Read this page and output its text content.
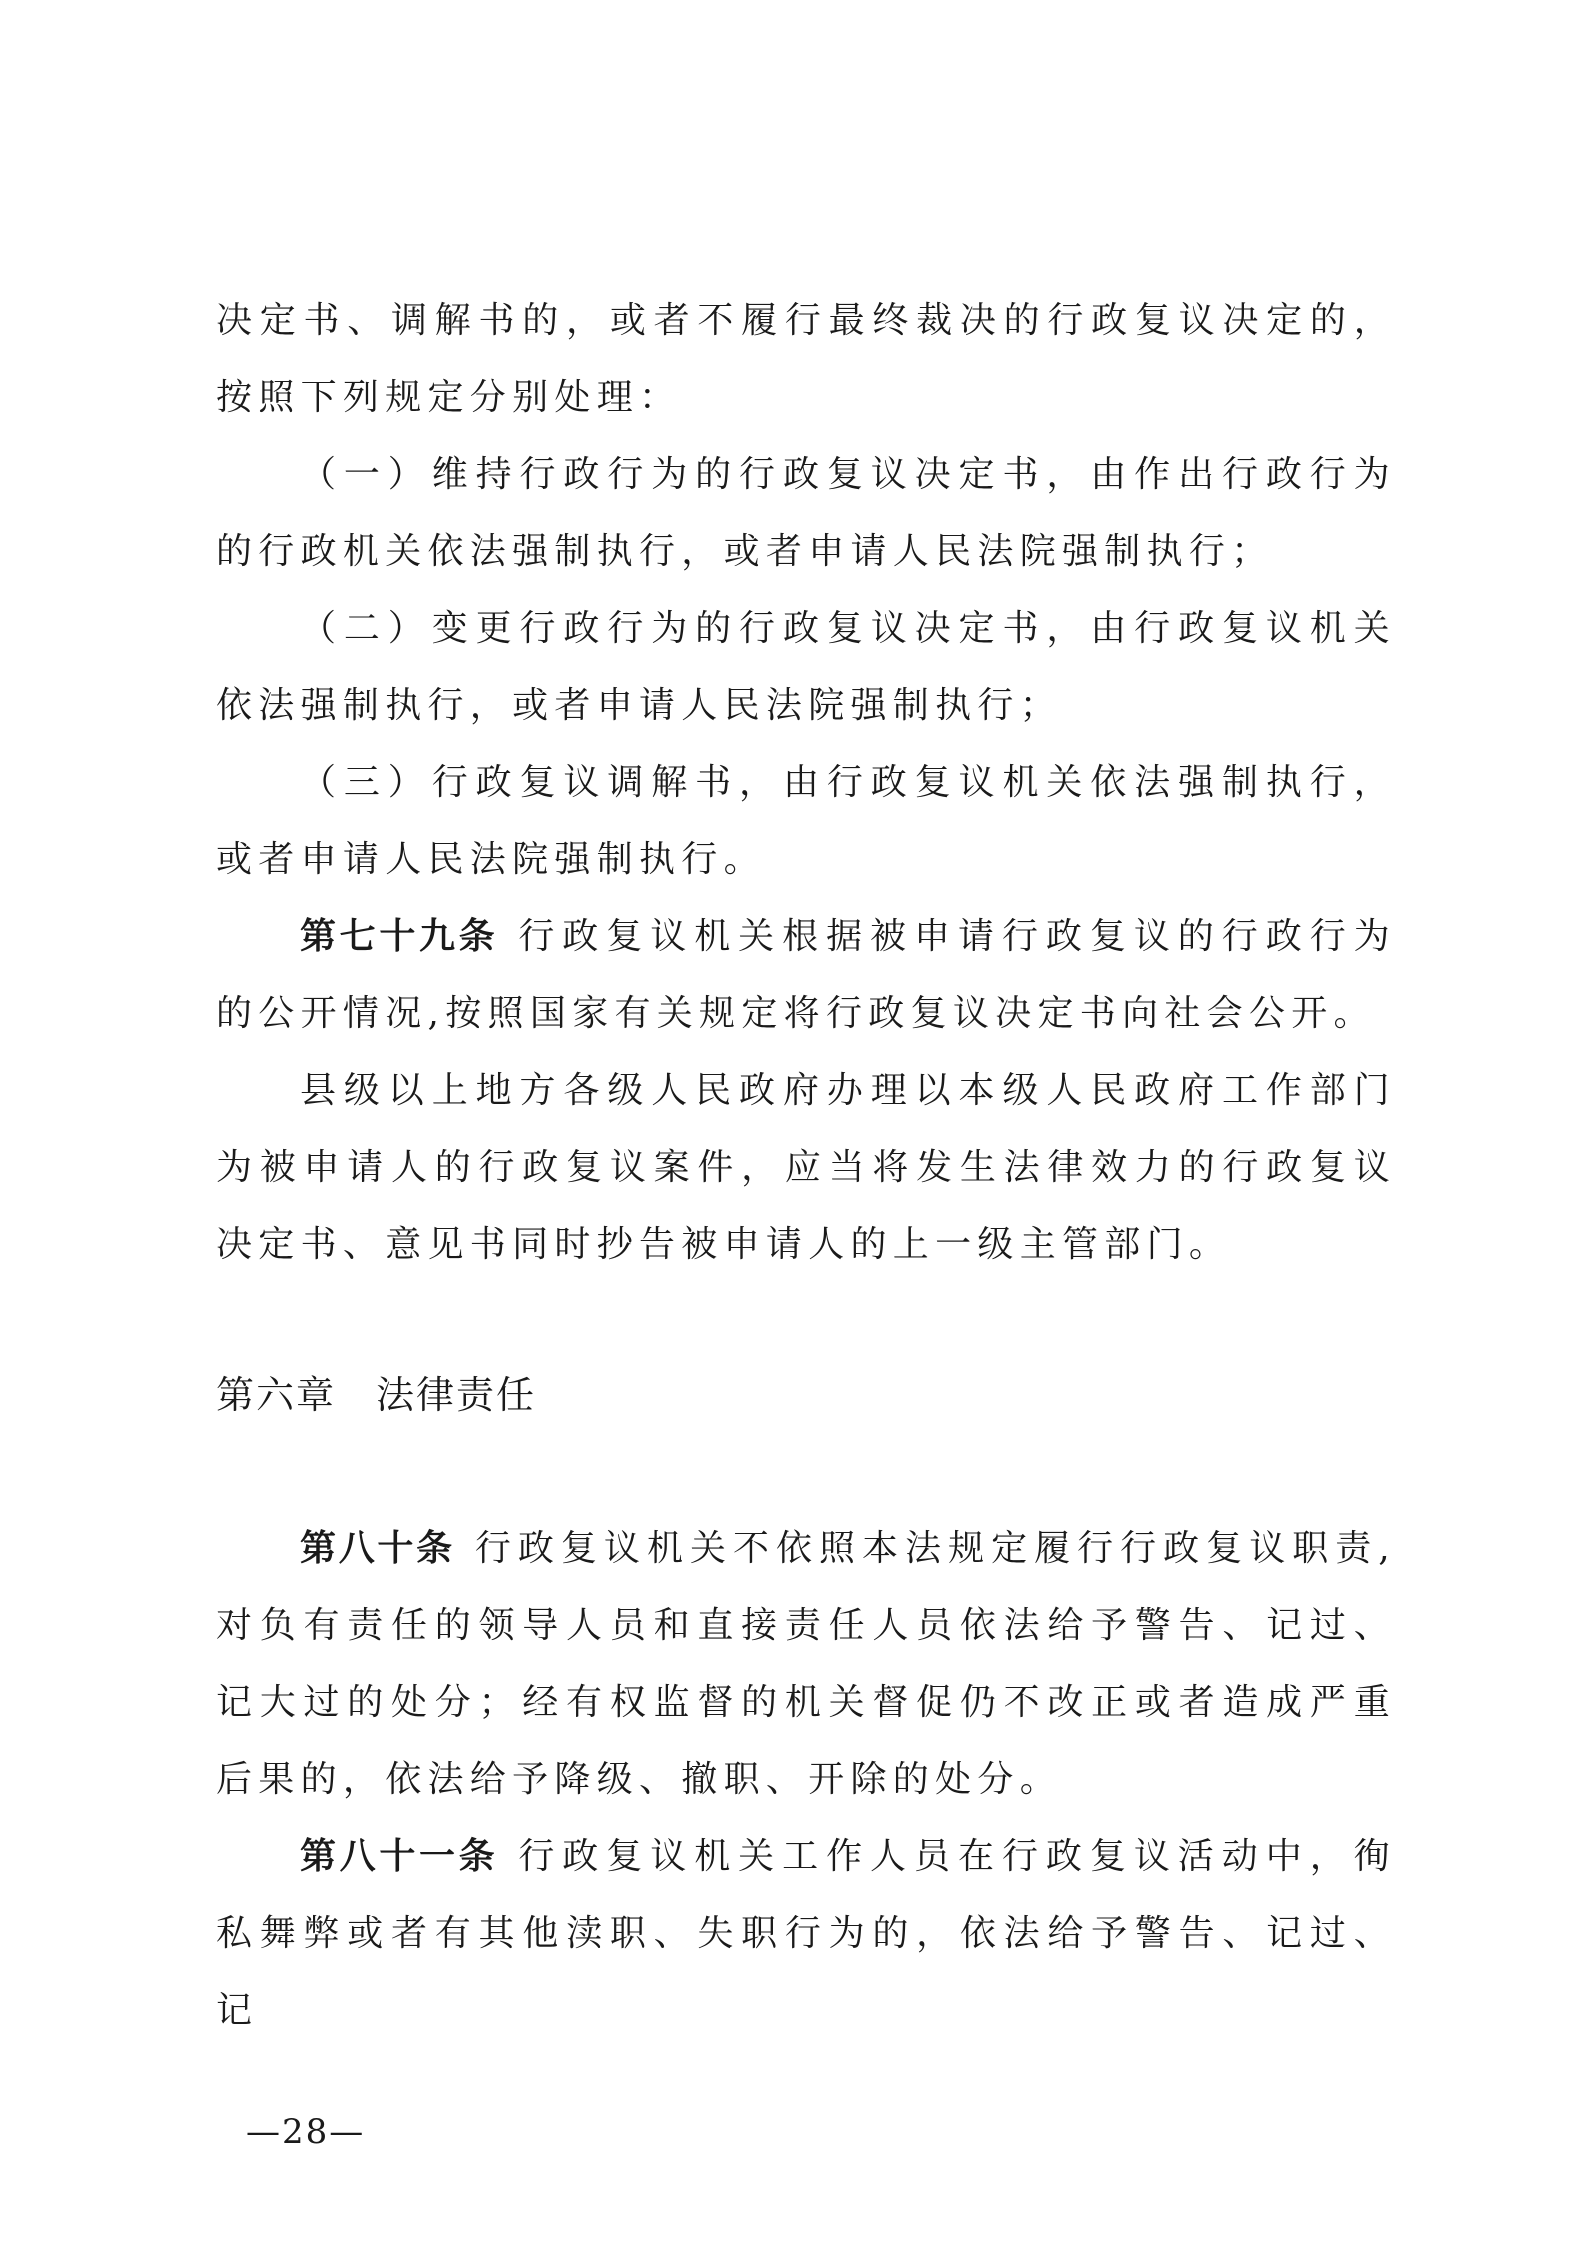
决定书、调解书的，或者不履行最终裁决的行政复议决定的，按照下列规定分别处理：

（一）维持行政行为的行政复议决定书，由作出行政行为的行政机关依法强制执行，或者申请人民法院强制执行；

（二）变更行政行为的行政复议决定书，由行政复议机关依法强制执行，或者申请人民法院强制执行；

（三）行政复议调解书，由行政复议机关依法强制执行，或者申请人民法院强制执行。

第七十九条 行政复议机关根据被申请行政复议的行政行为的公开情况,按照国家有关规定将行政复议决定书向社会公开。

县级以上地方各级人民政府办理以本级人民政府工作部门为被申请人的行政复议案件，应当将发生法律效力的行政复议决定书、意见书同时抄告被申请人的上一级主管部门。

第六章　法律责任

第八十条 行政复议机关不依照本法规定履行行政复议职责,对负有责任的领导人员和直接责任人员依法给予警告、记过、记大过的处分；经有权监督的机关督促仍不改正或者造成严重后果的，依法给予降级、撤职、开除的处分。

第八十一条 行政复议机关工作人员在行政复议活动中，徇私舞弊或者有其他渎职、失职行为的，依法给予警告、记过、记

—28—
